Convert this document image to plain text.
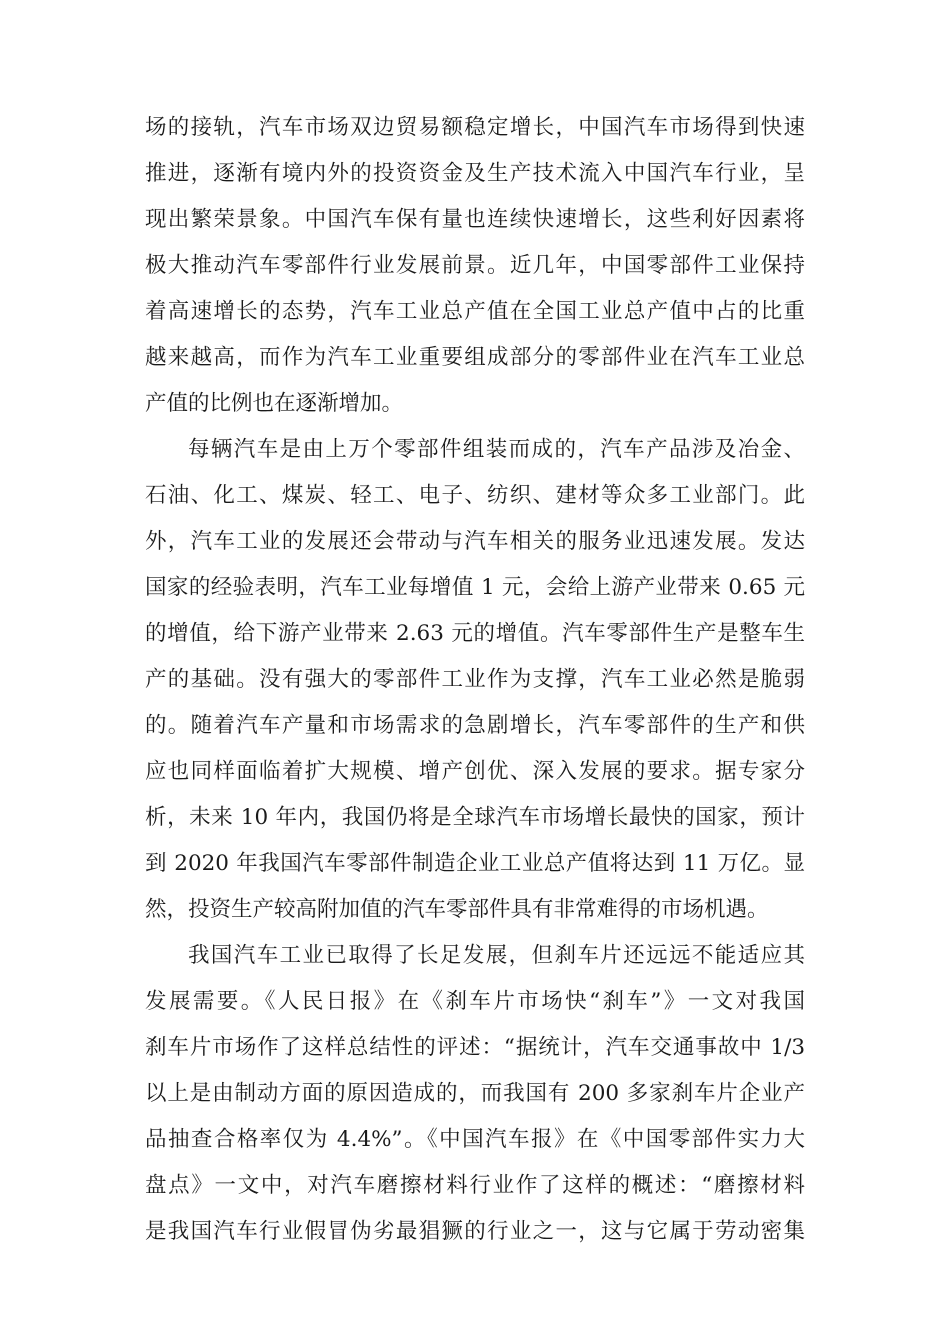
场的接轨，汽车市场双边贸易额稳定增长，中国汽车市场得到快速
推进，逐渐有境内外的投资资金及生产技术流入中国汽车行业，呈
现出繁荣景象。中国汽车保有量也连续快速增长，这些利好因素将
极大推动汽车零部件行业发展前景。近几年，中国零部件工业保持
着高速增长的态势，汽车工业总产值在全国工业总产值中占的比重
越来越高，而作为汽车工业重要组成部分的零部件业在汽车工业总
产值的比例也在逐渐增加。
每辆汽车是由上万个零部件组装而成的，汽车产品涉及冶金、
石油、化工、煤炭、轻工、电子、纺织、建材等众多工业部门。此
外，汽车工业的发展还会带动与汽车相关的服务业迅速发展。发达
国家的经验表明，汽车工业每增值 1 元，会给上游产业带来 0.65 元
的增值，给下游产业带来 2.63 元的增值。汽车零部件生产是整车生
产的基础。没有强大的零部件工业作为支撑，汽车工业必然是脆弱
的。随着汽车产量和市场需求的急剧增长，汽车零部件的生产和供
应也同样面临着扩大规模、增产创优、深入发展的要求。据专家分
析，未来 10 年内，我国仍将是全球汽车市场增长最快的国家，预计
到 2020 年我国汽车零部件制造企业工业总产值将达到 11 万亿。显
然，投资生产较高附加值的汽车零部件具有非常难得的市场机遇。
我国汽车工业已取得了长足发展，但刹车片还远远不能适应其
发展需要。《人民日报》在《刹车片市场快“刹车”》一文对我国
刹车片市场作了这样总结性的评述：“据统计，汽车交通事故中 1/3
以上是由制动方面的原因造成的，而我国有 200 多家刹车片企业产
品抽查合格率仅为 4.4%”。《中国汽车报》在《中国零部件实力大
盘点》一文中，对汽车磨擦材料行业作了这样的概述：“磨擦材料
是我国汽车行业假冒伪劣最猖獗的行业之一，这与它属于劳动密集
